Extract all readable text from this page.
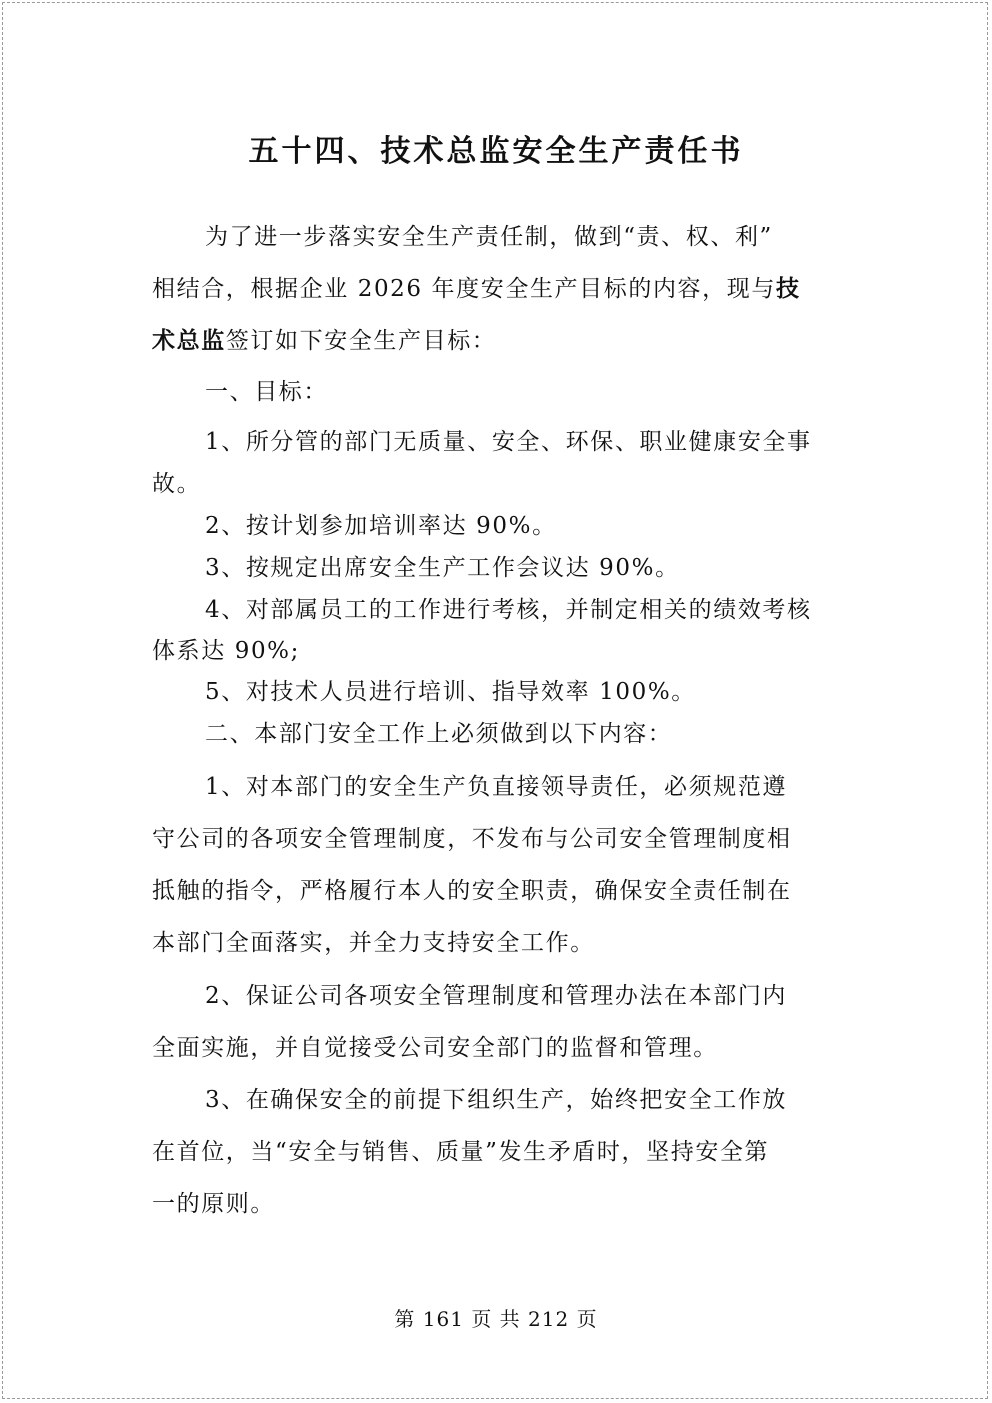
五十四、技术总监安全生产责任书
为了进一步落实安全生产责任制，做到“责、权、利”
相结合，根据企业 2026 年度安全生产目标的内容，现与技
术总监签订如下安全生产目标：
一、目标：
1、所分管的部门无质量、安全、环保、职业健康安全事
故。
2、按计划参加培训率达 90%。
3、按规定出席安全生产工作会议达 90%。
4、对部属员工的工作进行考核，并制定相关的绩效考核
体系达 90%;
5、对技术人员进行培训、指导效率 100%。
二、本部门安全工作上必须做到以下内容：
1、对本部门的安全生产负直接领导责任，必须规范遵
守公司的各项安全管理制度，不发布与公司安全管理制度相
抵触的指令，严格履行本人的安全职责，确保安全责任制在
本部门全面落实，并全力支持安全工作。
2、保证公司各项安全管理制度和管理办法在本部门内
全面实施，并自觉接受公司安全部门的监督和管理。
3、在确保安全的前提下组织生产，始终把安全工作放
在首位，当“安全与销售、质量”发生矛盾时，坚持安全第
一的原则。
第 161 页 共 212 页
